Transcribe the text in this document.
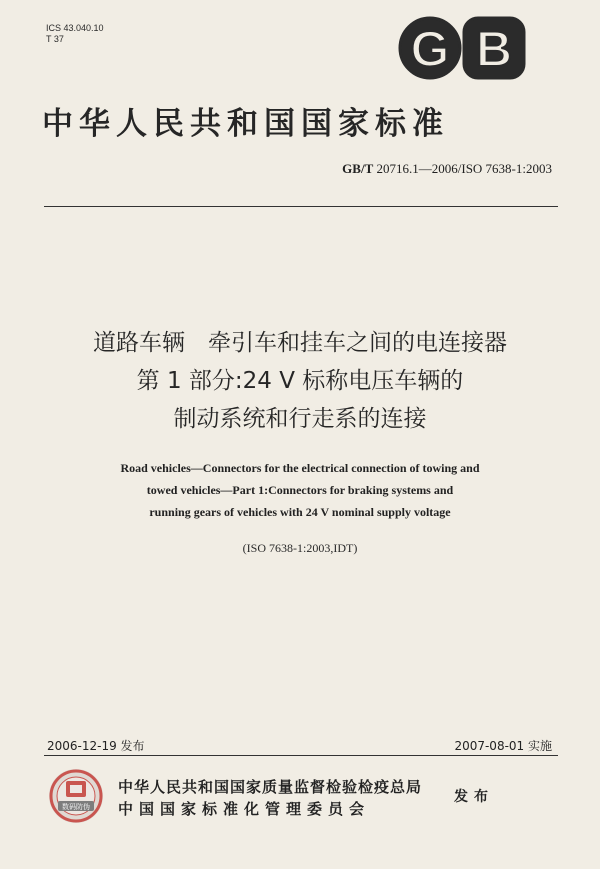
ICS 43.040.10
T 37	G B
中华人民共和国国家标准
GB/T 20716.1—2006/ISO 7638-1:2003
道路车辆　牵引车和挂车之间的电连接器
第 1 部分:24 V 标称电压车辆的
制动系统和行走系的连接
Road vehicles—Connectors for the electrical connection of towing and
towed vehicles—Part 1:Connectors for braking systems and
running gears of vehicles with 24 V nominal supply voltage
(ISO 7638-1:2003,IDT)
2006-12-19 发布	2007-08-01 实施
数码防伪
中华人民共和国国家质量监督检验检疫总局
中国国家标准化管理委员会
发布
